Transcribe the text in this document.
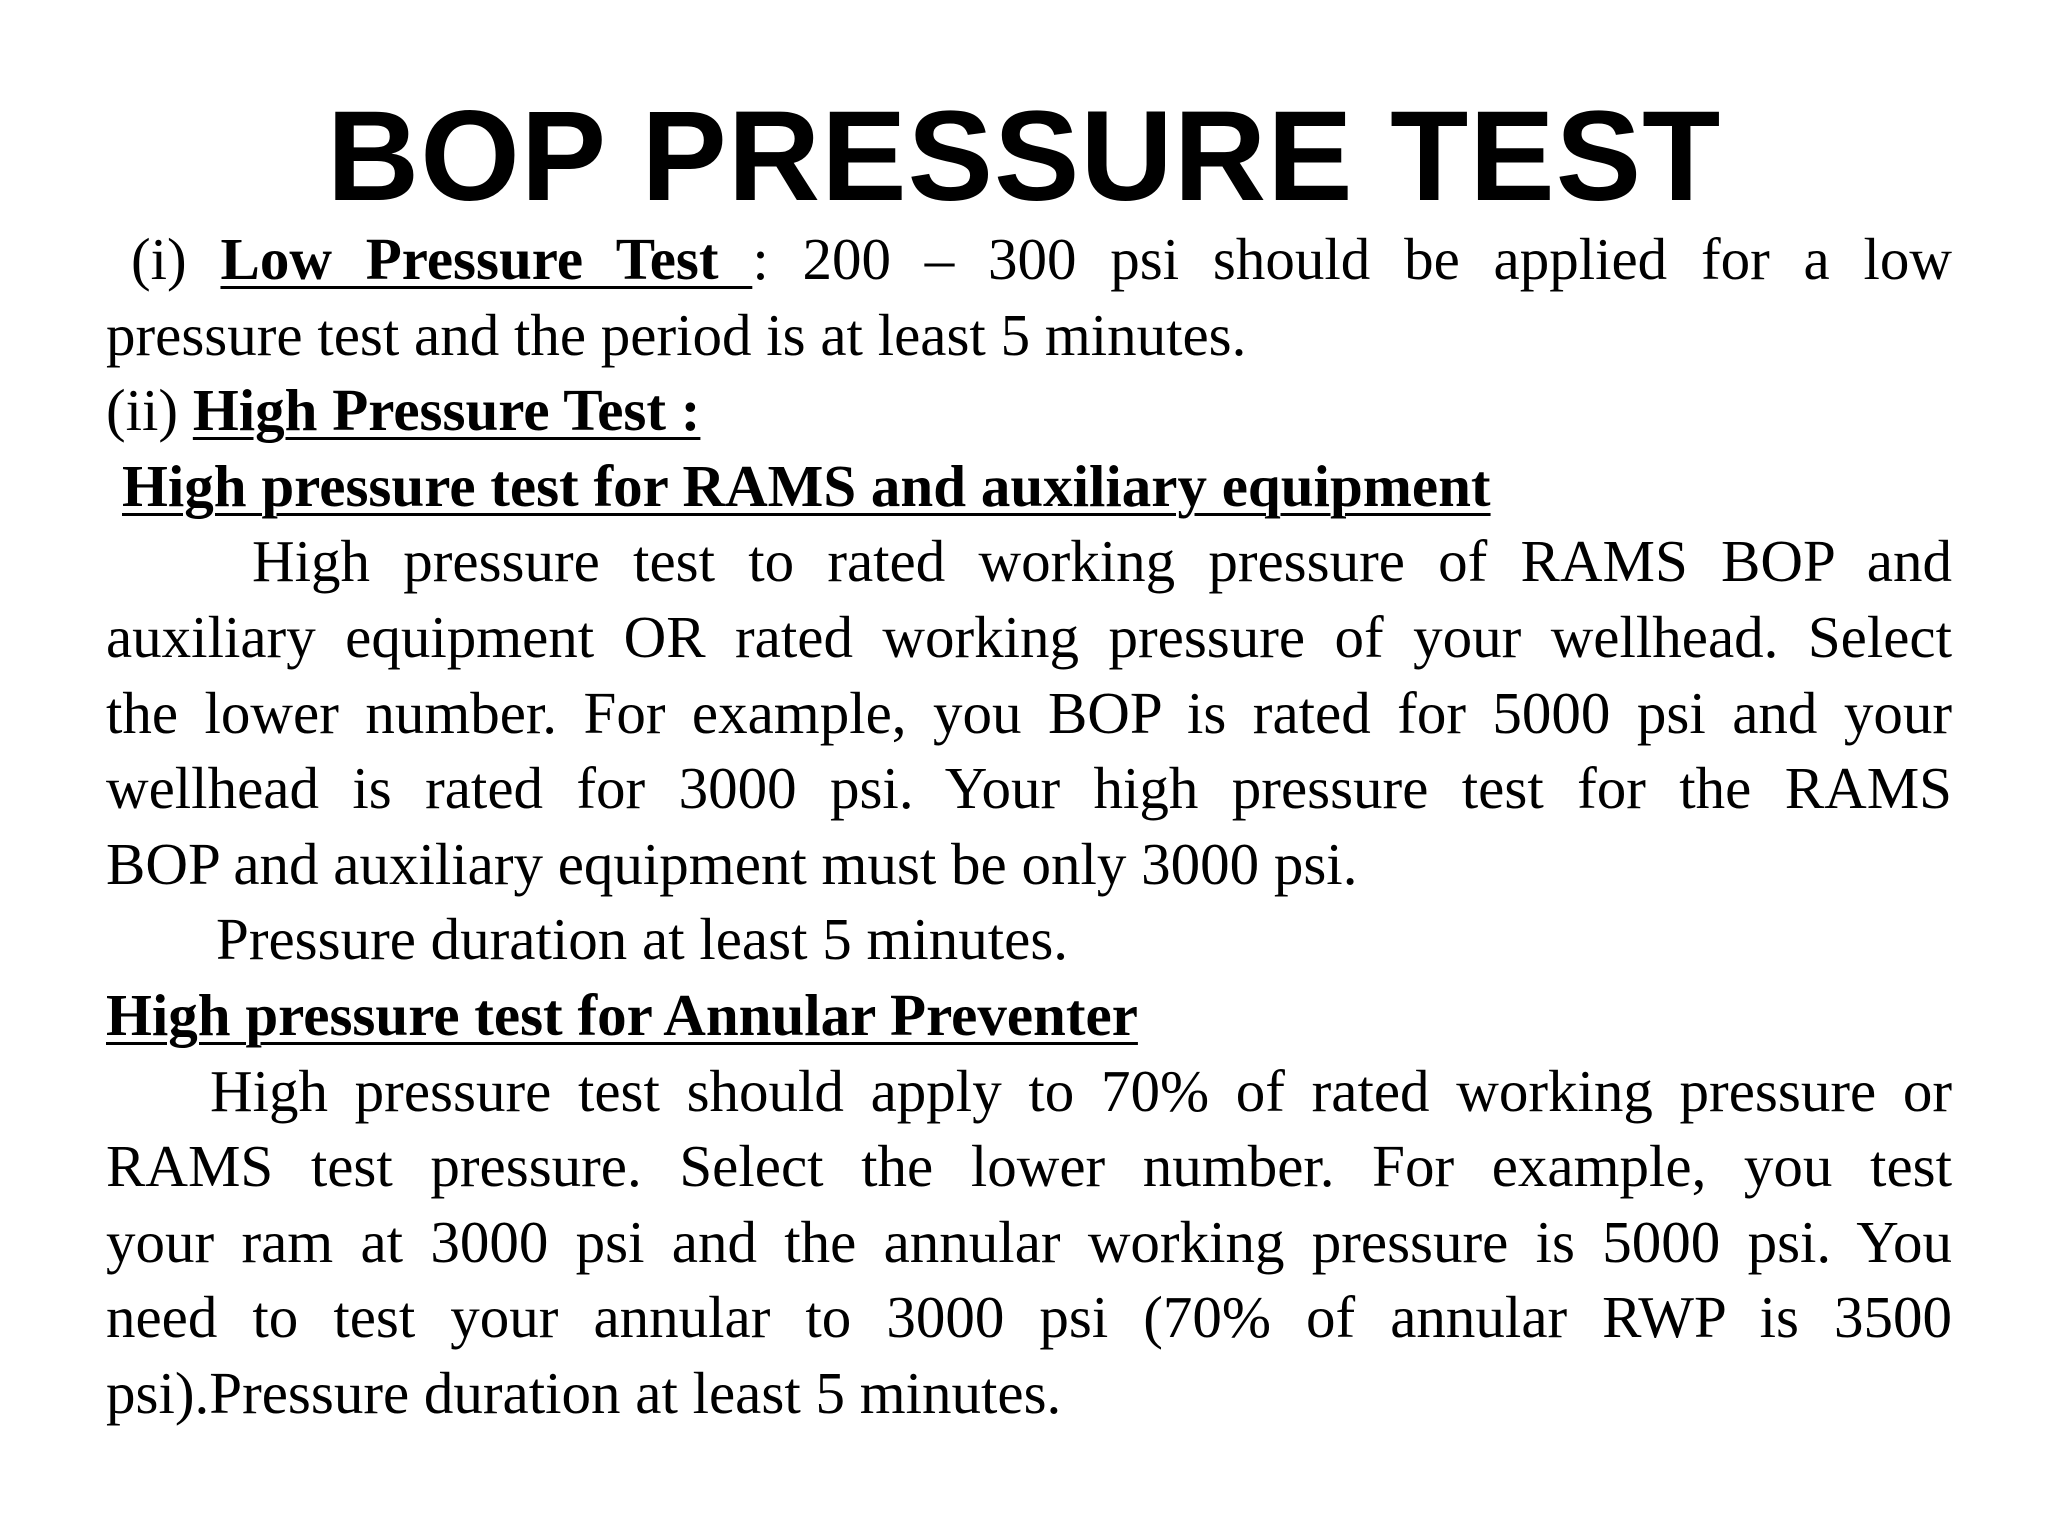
BOP PRESSURE TEST
(i) Low Pressure Test : 200 – 300 psi should be applied for a low
pressure test and the period is at least 5 minutes.
(ii) High Pressure Test :
High pressure test for RAMS and auxiliary equipment
High pressure test to rated working pressure of RAMS BOP and
auxiliary equipment OR rated working pressure of your wellhead. Select
the lower number. For example, you BOP is rated for 5000 psi and your
wellhead is rated for 3000 psi. Your high pressure test for the RAMS
BOP and auxiliary equipment must be only 3000 psi.
Pressure duration at least 5 minutes.
High pressure test for Annular Preventer
High pressure test should apply to 70% of rated working pressure or
RAMS test pressure. Select the lower number. For example, you test
your ram at 3000 psi and the annular working pressure is 5000 psi. You
need to test your annular to 3000 psi (70% of annular RWP is 3500
psi).Pressure duration at least 5 minutes.
